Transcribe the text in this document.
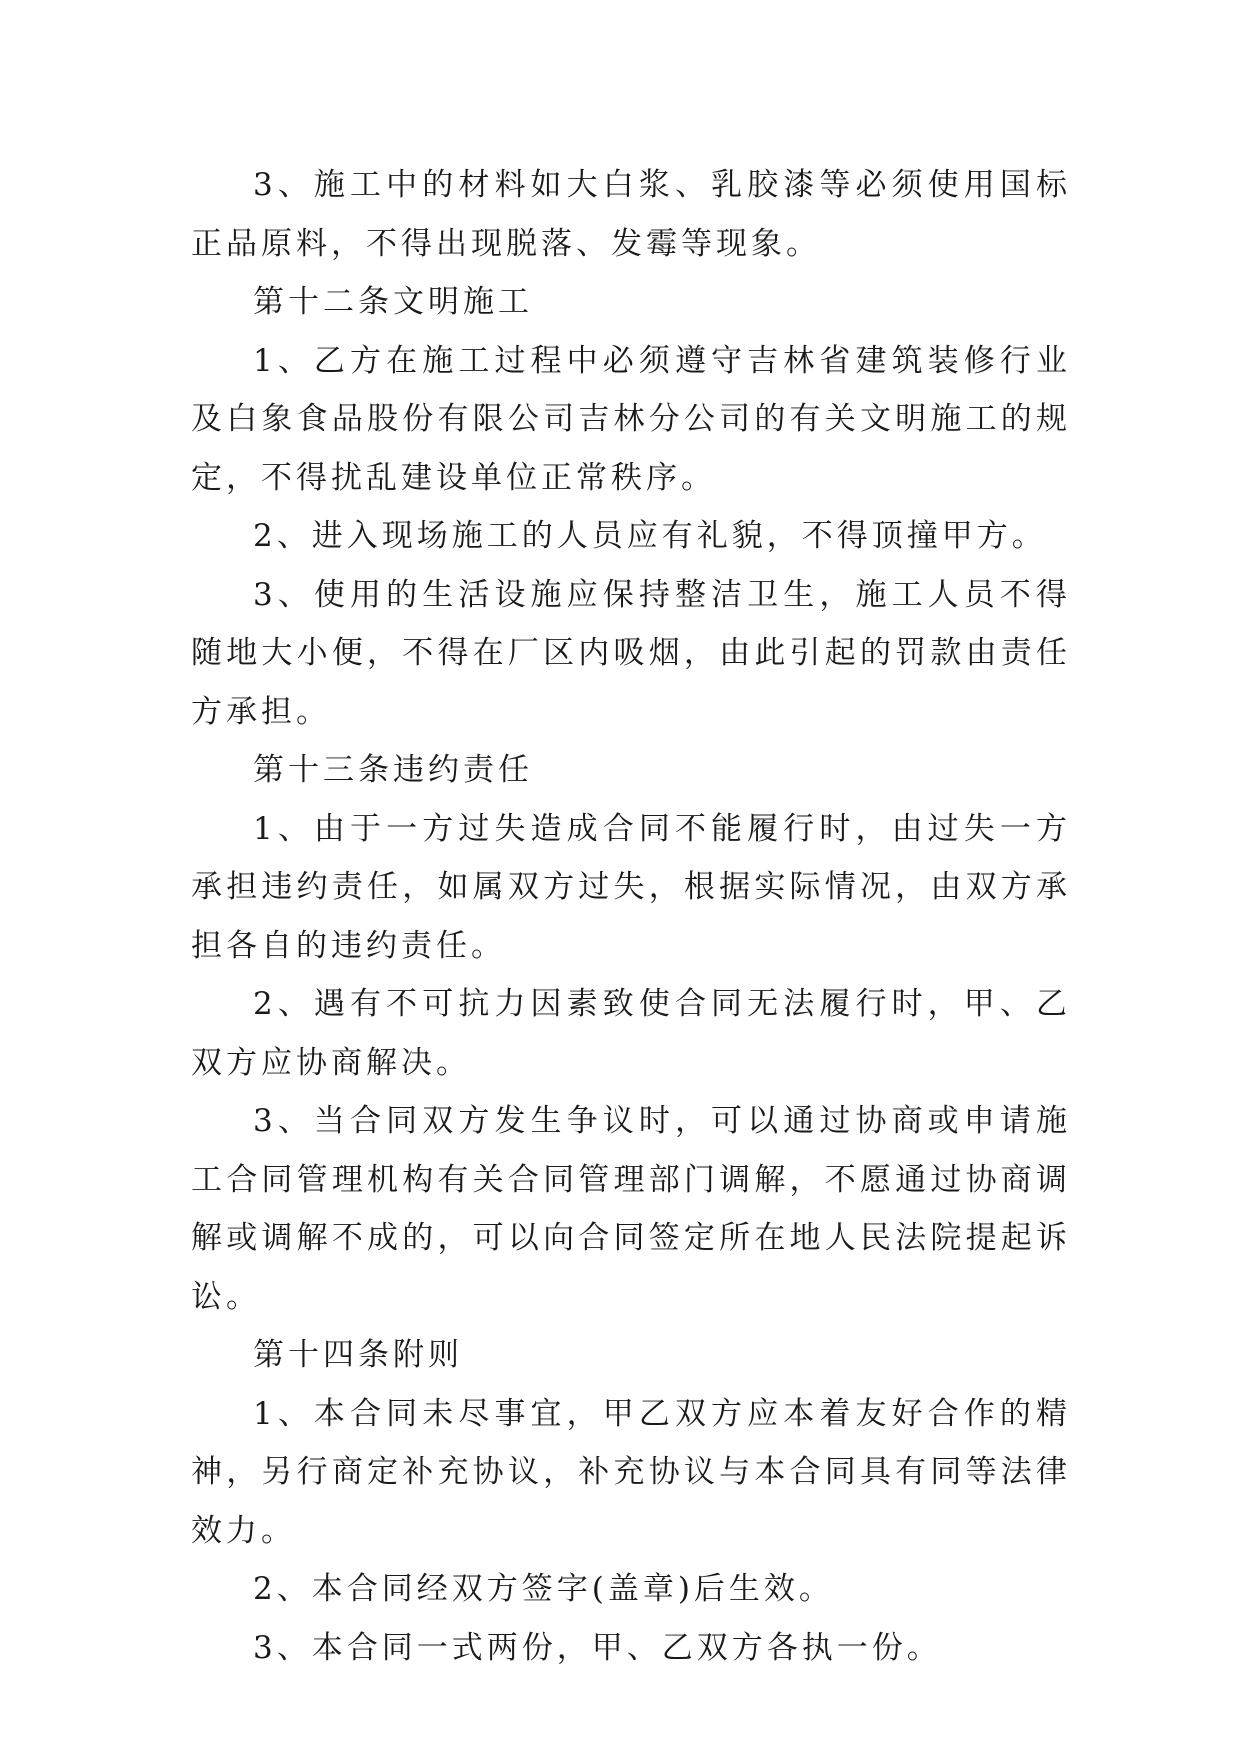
3、施工中的材料如大白浆、乳胶漆等必须使用国标正品原料，不得出现脱落、发霉等现象。

第十二条文明施工

1、乙方在施工过程中必须遵守吉林省建筑装修行业及白象食品股份有限公司吉林分公司的有关文明施工的规定，不得扰乱建设单位正常秩序。

2、进入现场施工的人员应有礼貌，不得顶撞甲方。

3、使用的生活设施应保持整洁卫生，施工人员不得随地大小便，不得在厂区内吸烟，由此引起的罚款由责任方承担。

第十三条违约责任

1、由于一方过失造成合同不能履行时，由过失一方承担违约责任，如属双方过失，根据实际情况，由双方承担各自的违约责任。

2、遇有不可抗力因素致使合同无法履行时，甲、乙双方应协商解决。

3、当合同双方发生争议时，可以通过协商或申请施工合同管理机构有关合同管理部门调解，不愿通过协商调解或调解不成的，可以向合同签定所在地人民法院提起诉讼。

第十四条附则

1、本合同未尽事宜，甲乙双方应本着友好合作的精神，另行商定补充协议，补充协议与本合同具有同等法律效力。

2、本合同经双方签字(盖章)后生效。

3、本合同一式两份，甲、乙双方各执一份。
